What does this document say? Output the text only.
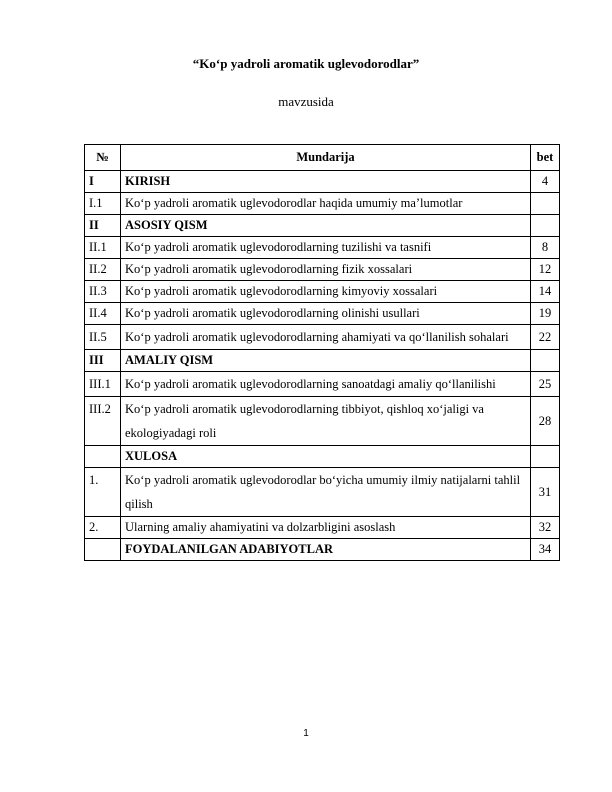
“Ko‘p yadroli aromatik uglevodorodlar”
mavzusida
№	Mundarija	bet
I	KIRISH	4
I.1	Ko‘p yadroli aromatik uglevodorodlar haqida umumiy ma’lumotlar	
II	ASOSIY QISM	
II.1	Ko‘p yadroli aromatik uglevodorodlarning tuzilishi va tasnifi	8
II.2	Ko‘p yadroli aromatik uglevodorodlarning fizik xossalari	12
II.3	Ko‘p yadroli aromatik uglevodorodlarning kimyoviy xossalari	14
II.4	Ko‘p yadroli aromatik uglevodorodlarning olinishi usullari	19
II.5	Ko‘p yadroli aromatik uglevodorodlarning ahamiyati va qo‘llanilish sohalari	22
III	AMALIY QISM	
III.1	Ko‘p yadroli aromatik uglevodorodlarning sanoatdagi amaliy qo‘llanilishi	25
III.2	Ko‘p yadroli aromatik uglevodorodlarning tibbiyot, qishloq xo‘jaligi va ekologiyadagi roli	28
	XULOSA	
1.	Ko‘p yadroli aromatik uglevodorodlar bo‘yicha umumiy ilmiy natijalarni tahlil qilish	31
2.	Ularning amaliy ahamiyatini va dolzarbligini asoslash	32
	FOYDALANILGAN ADABIYOTLAR	34
1
